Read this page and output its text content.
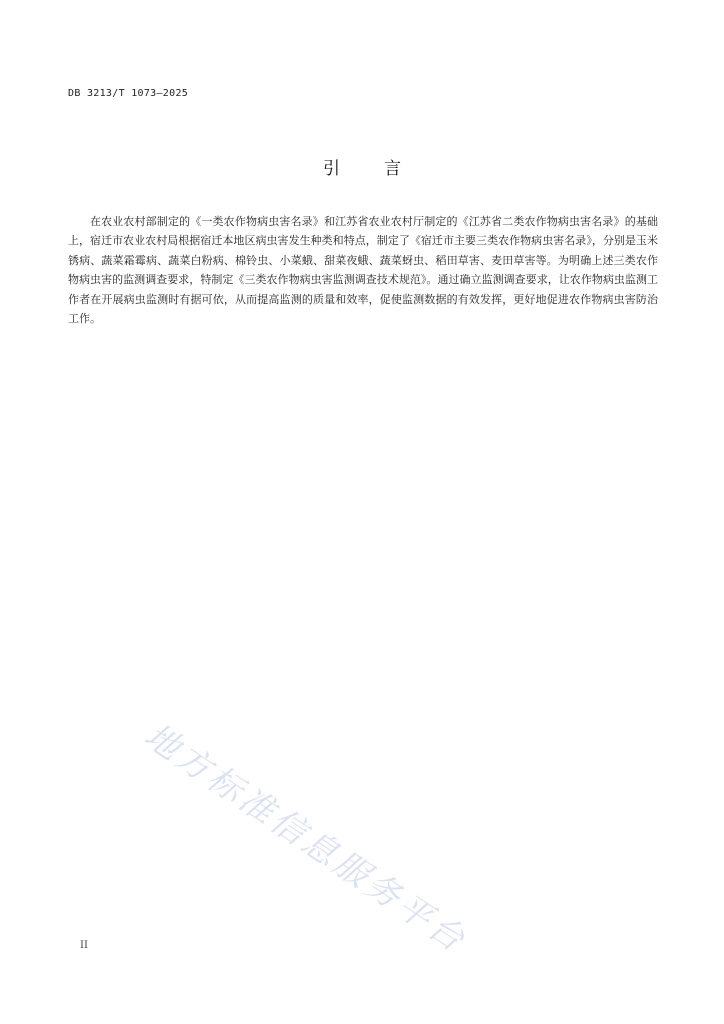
DB 3213/T 1073—2025
引	言

在农业农村部制定的《一类农作物病虫害名录》和江苏省农业农村厅制定的《江苏省二类农作物病虫害名录》的基础上，宿迁市农业农村局根据宿迁本地区病虫害发生种类和特点，制定了《宿迁市主要三类农作物病虫害名录》，分别是玉米锈病、蔬菜霜霉病、蔬菜白粉病、棉铃虫、小菜蛾、甜菜夜蛾、蔬菜蚜虫、稻田草害、麦田草害等。为明确上述三类农作物病虫害的监测调查要求，特制定《三类农作物病虫害监测调查技术规范》。通过确立监测调查要求，让农作物病虫监测工作者在开展病虫监测时有据可依，从而提高监测的质量和效率，促使监测数据的有效发挥，更好地促进农作物病虫害防治工作。

地方标准信息服务平台
II
